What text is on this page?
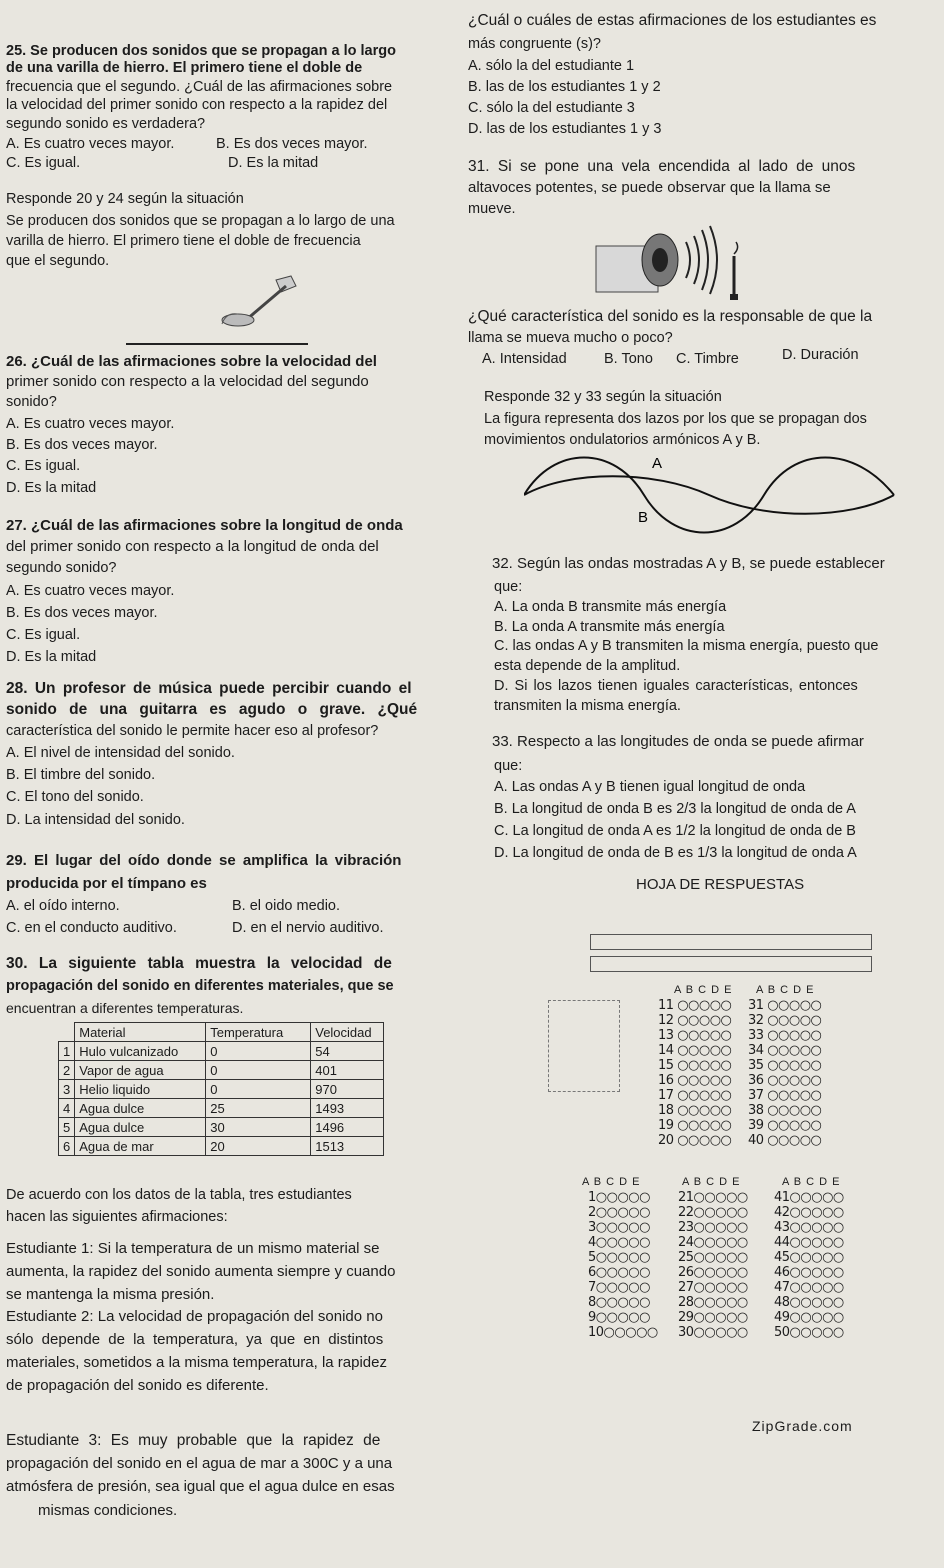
25. Se producen dos sonidos que se propagan a lo largo
de una varilla de hierro. El primero tiene el doble de
frecuencia que el segundo. ¿Cuál de las afirmaciones sobre
la velocidad del primer sonido con respecto a la rapidez del
segundo sonido es verdadera?
A. Es cuatro veces mayor.	B. Es dos veces mayor.
C. Es igual.	D. Es la mitad
Responde 20 y 24 según la situación
Se producen dos sonidos que se propagan a lo largo de una
varilla de hierro. El primero tiene el doble de frecuencia
que el segundo.
26. ¿Cuál de las afirmaciones sobre la velocidad del
primer sonido con respecto a la velocidad del segundo
sonido?
A. Es cuatro veces mayor.
B. Es dos veces mayor.
C. Es igual.
D. Es la mitad
27. ¿Cuál de las afirmaciones sobre la longitud de onda
del primer sonido con respecto a la longitud de onda del
segundo sonido?
A. Es cuatro veces mayor.
B. Es dos veces mayor.
C. Es igual.
D. Es la mitad
28. Un profesor de música puede percibir cuando el
sonido de una guitarra es agudo o grave. ¿Qué
característica del sonido le permite hacer eso al profesor?
A. El nivel de intensidad del sonido.
B. El timbre del sonido.
C. El tono del sonido.
D. La intensidad del sonido.
29. El lugar del oído donde se amplifica la vibración
producida por el tímpano es
A. el oído interno.	B. el oido medio.
C. en el conducto auditivo.	D. en el nervio auditivo.
30. La siguiente tabla muestra la velocidad de
propagación del sonido en diferentes materiales, que se
encuentran a diferentes temperaturas.
	Material	Temperatura	Velocidad
1	Hulo vulcanizado	0	54
2	Vapor de agua	0	401
3	Helio liquido	0	970
4	Agua dulce	25	1493
5	Agua dulce	30	1496
6	Agua de mar	20	1513
De acuerdo con los datos de la tabla, tres estudiantes
hacen las siguientes afirmaciones:
Estudiante 1: Si la temperatura de un mismo material se
aumenta, la rapidez del sonido aumenta siempre y cuando
se mantenga la misma presión.
Estudiante 2: La velocidad de propagación del sonido no
sólo depende de la temperatura, ya que en distintos
materiales, sometidos a la misma temperatura, la rapidez
de propagación del sonido es diferente.
Estudiante 3: Es muy probable que la rapidez de
propagación del sonido en el agua de mar a 300C y a una
atmósfera de presión, sea igual que el agua dulce en esas
mismas condiciones.
¿Cuál o cuáles de estas afirmaciones de los estudiantes es
más congruente (s)?
A. sólo la del estudiante 1
B. las de los estudiantes 1 y 2
C. sólo la del estudiante 3
D. las de los estudiantes 1 y 3
31. Si se pone una vela encendida al lado de unos
altavoces potentes, se puede observar que la llama se
mueve.
¿Qué característica del sonido es la responsable de que la
llama se mueva mucho o poco?
A. Intensidad	B. Tono C. Timbre	D. Duración
Responde 32 y 33 según la situación
La figura representa dos lazos por los que se propagan dos
movimientos ondulatorios armónicos A y B.
A
B
32. Según las ondas mostradas A y B, se puede establecer
que:
A. La onda B transmite más energía
B. La onda A transmite más energía
C. las ondas A y B transmiten la misma energía, puesto que
esta depende de la amplitud.
D. Si los lazos tienen iguales características, entonces
transmiten la misma energía.
33. Respecto a las longitudes de onda se puede afirmar
que:
A. Las ondas A y B tienen igual longitud de onda
B. La longitud de onda B es 2/3 la longitud de onda de A
C. La longitud de onda A es 1/2 la longitud de onda de B
D. La longitud de onda de B es 1/3 la longitud de onda A
HOJA DE RESPUESTAS
A B C D E A B C D E
11 ○○○○○
12 ○○○○○
13 ○○○○○
14 ○○○○○
15 ○○○○○
16 ○○○○○
17 ○○○○○
18 ○○○○○
19 ○○○○○
20 ○○○○○
31 ○○○○○
32 ○○○○○
33 ○○○○○
34 ○○○○○
35 ○○○○○
36 ○○○○○
37 ○○○○○
38 ○○○○○
39 ○○○○○
40 ○○○○○
A B C D E	A B C D E	A B C D E
1○○○○○
2○○○○○
3○○○○○
4○○○○○
5○○○○○
6○○○○○
7○○○○○
8○○○○○
9○○○○○
10○○○○○
21○○○○○
22○○○○○
23○○○○○
24○○○○○
25○○○○○
26○○○○○
27○○○○○
28○○○○○
29○○○○○
30○○○○○
41○○○○○
42○○○○○
43○○○○○
44○○○○○
45○○○○○
46○○○○○
47○○○○○
48○○○○○
49○○○○○
50○○○○○
ZipGrade.com
